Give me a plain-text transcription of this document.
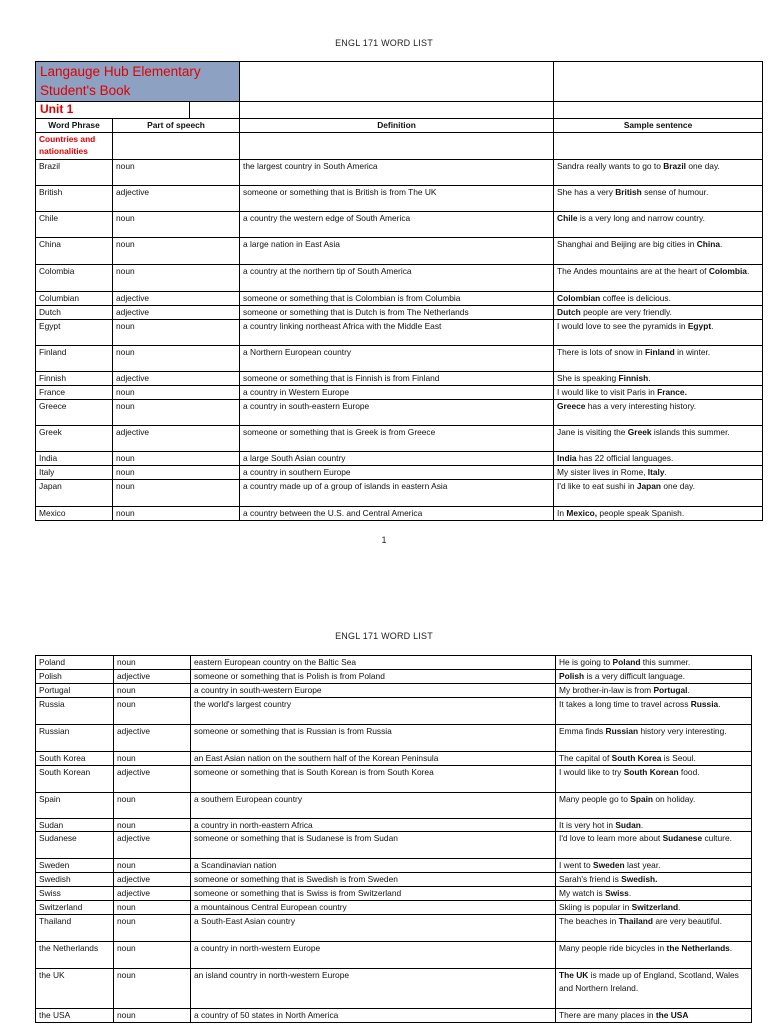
ENGL 171 WORD LIST
Langauge Hub Elementary Student's Book				
Unit 1				
Word Phrase	Part of speech		Definition	Sample sentence
Countries and nationalities				
Brazil	noun		the largest country in South America	Sandra really wants to go to Brazil one day.
British	adjective		someone or something that is British is from The UK	She has a very British sense of humour.
Chile	noun		a country the western edge of South America	Chile is a very long and narrow country.
China	noun		a large nation in East Asia	Shanghai and Beijing are big cities in China.
Colombia	noun		a country at the northern tip of South America	The Andes mountains are at the heart of Colombia.
Columbian	adjective		someone or something that is Colombian is from Columbia	Colombian coffee is delicious.
Dutch	adjective		someone or something that is Dutch is from The Netherlands	Dutch people are very friendly.
Egypt	noun		a country linking northeast Africa with the Middle East	I would love to see the pyramids in Egypt.
Finland	noun		a Northern European country	There is lots of snow in Finland in winter.
Finnish	adjective		someone or something that is Finnish is from Finland	She is speaking Finnish.
France	noun		a country in Western Europe	I would like to visit Paris in France.
Greece	noun		a country in south-eastern Europe	Greece has a very interesting history.
Greek	adjective		someone or something that is Greek is from Greece	Jane is visiting the Greek islands this summer.
India	noun		a large South Asian country	India has 22 official languages.
Italy	noun		a country in southern Europe	My sister lives in Rome, Italy.
Japan	noun		a country made up of a group of islands in eastern Asia	I'd like to eat sushi in Japan one day.
Mexico	noun		a country between the U.S. and Central America	In Mexico, people speak Spanish.
1
ENGL 171 WORD LIST
Poland	noun	eastern European country on the Baltic Sea	He is going to Poland this summer.
Polish	adjective	someone or something that is Polish is from Poland	Polish is a very difficult language.
Portugal	noun	a country in south-western Europe	My brother-in-law is from Portugal.
Russia	noun	the world's largest country	It takes a long time to travel across Russia.
Russian	adjective	someone or something that is Russian is from Russia	Emma finds Russian history very interesting.
South Korea	noun	an East Asian nation on the southern half of the Korean Peninsula	The capital of South Korea is Seoul.
South Korean	adjective	someone or something that is South Korean is from South Korea	I would like to try South Korean food.
Spain	noun	a southern European country	Many people go to Spain on holiday.
Sudan	noun	a country in north-eastern Africa	It is very hot in Sudan.
Sudanese	adjective	someone or something that is Sudanese is from Sudan	I'd love to learn more about Sudanese culture.
Sweden	noun	a Scandinavian nation	I went to Sweden last year.
Swedish	adjective	someone or something that is Swedish is from Sweden	Sarah's friend is Swedish.
Swiss	adjective	someone or something that is Swiss is from Switzerland	My watch is Swiss.
Switzerland	noun	a mountainous Central European country	Skiing is popular in Switzerland.
Thailand	noun	a South-East Asian country	The beaches in Thailand are very beautiful.
the Netherlands	noun	a country in north-western Europe	Many people ride bicycles in the Netherlands.
the UK	noun	an island country in north-western Europe	The UK is made up of England, Scotland, Wales and Northern Ireland.
the USA	noun	a country of 50 states in North America	There are many places in the USA
